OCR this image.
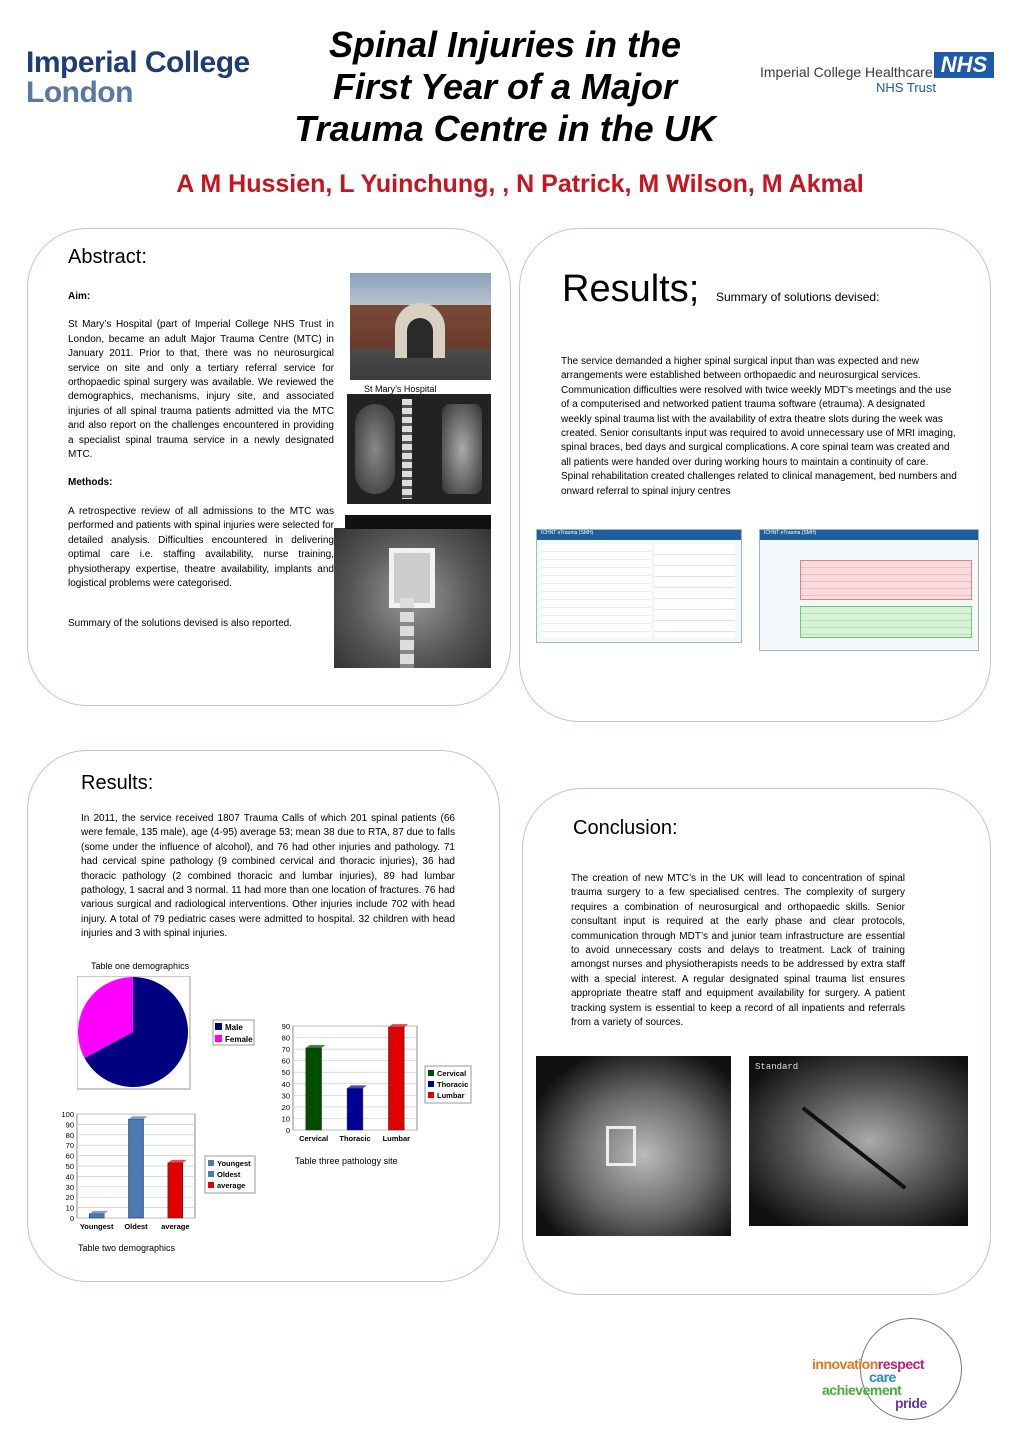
Imperial College
London
Spinal Injuries in the
First Year of a Major
Trauma Centre in the UK
A M Hussien, L Yuinchung, , N Patrick, M Wilson, M Akmal
Imperial College Healthcare
NHS Trust
NHS
Abstract:
Aim:
St Mary’s Hospital (part of Imperial College NHS Trust in London, became an adult Major Trauma Centre (MTC) in January 2011. Prior to that, there was no neurosurgical service on site and only a tertiary referral service for orthopaedic spinal surgery was available. We reviewed the demographics, mechanisms, injury site, and associated injuries of all spinal trauma patients admitted via the MTC and also report on the challenges encountered in providing a specialist spinal trauma service in a newly designated MTC.
Methods:
A retrospective review of all admissions to the MTC was performed and patients with spinal injuries were selected for detailed analysis. Difficulties encountered in delivering optimal care i.e. staffing availability, nurse training, physiotherapy expertise, theatre availability, implants and logistical problems were categorised.
Summary of the solutions devised is also reported.
St Mary’s Hospital
Results; Summary of solutions devised:
The service demanded a higher spinal surgical input than was expected and new arrangements were established between orthopaedic and neurosurgical services. Communication difficulties were resolved with twice weekly MDT’s meetings and the use of a computerised and networked patient trauma software (etrauma). A designated weekly spinal trauma list with the availability of extra theatre slots during the week was created. Senior consultants input was required to avoid unnecessary use of MRI imaging, spinal braces, bed days and surgical complications. A core spinal team was created and all patients were handed over during working hours to maintain a continuity of care. Spinal rehabilitation created challenges related to clinical management, bed numbers and onward referral to spinal injury centres
ICHNT eTrauma (SMH)	ICHNT eTrauma (SMH)
Results:
In 2011, the service received 1807 Trauma Calls of which 201 spinal patients (66 were female, 135 male), age (4-95) average 53; mean 38 due to RTA, 87 due to falls (some under the influence of alcohol), and 76 had other injuries and pathology. 71 had cervical spine pathology (9 combined cervical and thoracic injuries), 36 had thoracic pathology (2 combined thoracic and lumbar injuries), 89 had lumbar pathology, 1 sacral and 3 normal. 11 had more than one location of fractures. 76 had various surgical and radiological interventions. Other injuries include 702 with head injury. A total of 79 pediatric cases were admitted to hospital. 32 children with head injuries and 3 with spinal injuries.
Table one demographics
Male
Female
0
10
20
30
40
50
60
70
80
90
100
Youngest Oldest average
Youngest
Oldest
average
Table two demographics
0
10
20
30
40
50
60
70
80
90
Cervical Thoracic Lumbar
Cervical
Thoracic
Lumbar
Table three pathology site
Conclusion:
The creation of new MTC’s in the UK will lead to concentration of spinal trauma surgery to a few specialised centres. The complexity of surgery requires a combination of neurosurgical and orthopaedic skills. Senior consultant input is required at the early phase and clear protocols, communication through MDT’s and junior team infrastructure are essential to avoid unnecessary costs and delays to treatment. Lack of training amongst nurses and physiotherapists needs to be addressed by extra staff with a special interest. A regular designated spinal trauma list ensures appropriate theatre staff and equipment availability for surgery. A patient tracking system is essential to keep a record of all inpatients and referrals from a variety of sources.
Standard
innovationrespect
care
achievement
pride
